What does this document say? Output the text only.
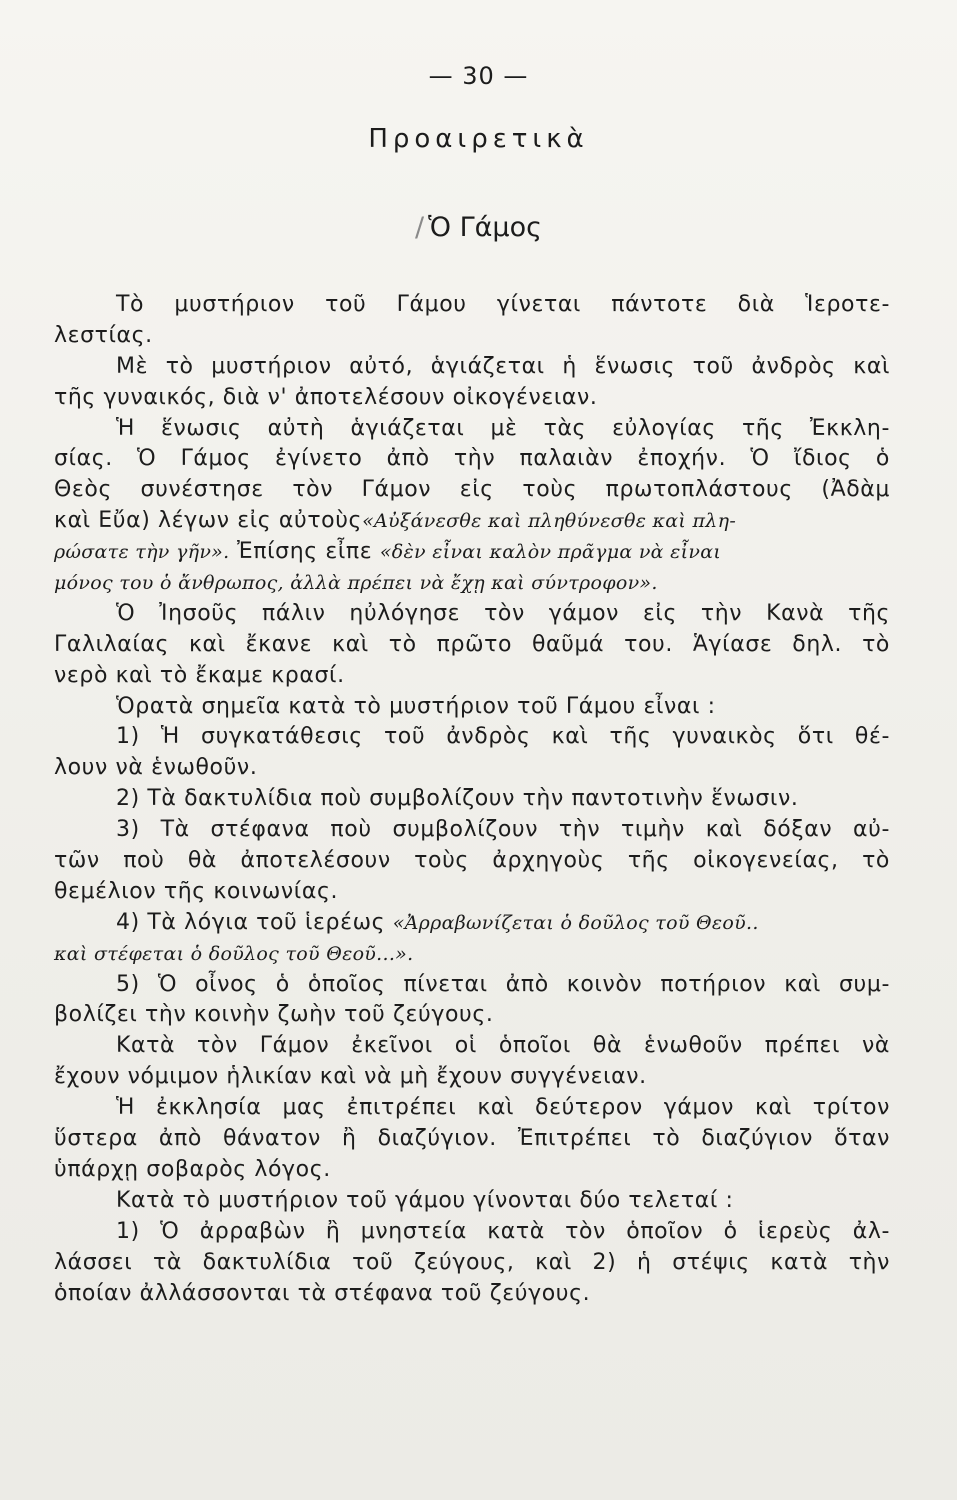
— 30 —
Προαιρετικὰ
/ Ὁ Γάμος
Τὸ μυστήριον τοῦ Γάμου γίνεται πάντοτε διὰ Ἱεροτε-
λεστίας.
Μὲ τὸ μυστήριον αὐτό, ἁγιάζεται ἡ ἕνωσις τοῦ ἀνδρὸς καὶ
τῆς γυναικός, διὰ ν' ἀποτελέσουν οἰκογένειαν.
Ἡ ἕνωσις αὐτὴ ἁγιάζεται μὲ τὰς εὐλογίας τῆς Ἐκκλη-
σίας. Ὁ Γάμος ἐγίνετο ἀπὸ τὴν παλαιὰν ἐποχήν. Ὁ ἴδιος ὁ
Θεὸς συνέστησε τὸν Γάμον εἰς τοὺς πρωτοπλάστους (Ἀδὰμ
καὶ Εὔα) λέγων εἰς αὐτοὺς«Αὐξάνεσθε καὶ πληθύνεσθε καὶ πλη-
ρώσατε τὴν γῆν». Ἐπίσης εἶπε «δὲν εἶναι καλὸν πρᾶγμα νὰ εἶναι
μόνος του ὁ ἄνθρωπος, ἀλλὰ πρέπει νὰ ἔχῃ καὶ σύντροφον».
Ὁ Ἰησοῦς πάλιν ηὐλόγησε τὸν γάμον εἰς τὴν Κανὰ τῆς
Γαλιλαίας καὶ ἔκανε καὶ τὸ πρῶτο θαῦμά του. Ἁγίασε δηλ. τὸ
νερὸ καὶ τὸ ἔκαμε κρασί.
Ὁρατὰ σημεῖα κατὰ τὸ μυστήριον τοῦ Γάμου εἶναι :
1) Ἡ συγκατάθεσις τοῦ ἀνδρὸς καὶ τῆς γυναικὸς ὅτι θέ-
λουν νὰ ἑνωθοῦν.
2) Τὰ δακτυλίδια ποὺ συμβολίζουν τὴν παντοτινὴν ἕνωσιν.
3) Τὰ στέφανα ποὺ συμβολίζουν τὴν τιμὴν καὶ δόξαν αὐ-
τῶν ποὺ θὰ ἀποτελέσουν τοὺς ἀρχηγοὺς τῆς οἰκογενείας, τὸ
θεμέλιον τῆς κοινωνίας.
4) Τὰ λόγια τοῦ ἱερέως «Ἀρραβωνίζεται ὁ δοῦλος τοῦ Θεοῦ..
καὶ στέφεται ὁ δοῦλος τοῦ Θεοῦ...».
5) Ὁ οἶνος ὁ ὁποῖος πίνεται ἀπὸ κοινὸν ποτήριον καὶ συμ-
βολίζει τὴν κοινὴν ζωὴν τοῦ ζεύγους.
Κατὰ τὸν Γάμον ἐκεῖνοι οἱ ὁποῖοι θὰ ἑνωθοῦν πρέπει νὰ
ἔχουν νόμιμον ἡλικίαν καὶ νὰ μὴ ἔχουν συγγένειαν.
Ἡ ἐκκλησία μας ἐπιτρέπει καὶ δεύτερον γάμον καὶ τρίτον
ὕστερα ἀπὸ θάνατον ἢ διαζύγιον. Ἐπιτρέπει τὸ διαζύγιον ὅταν
ὑπάρχῃ σοβαρὸς λόγος.
Κατὰ τὸ μυστήριον τοῦ γάμου γίνονται δύο τελεταί :
1) Ὁ ἀρραβὼν ἢ μνηστεία κατὰ τὸν ὁποῖον ὁ ἱερεὺς ἀλ-
λάσσει τὰ δακτυλίδια τοῦ ζεύγους, καὶ 2) ἡ στέψις κατὰ τὴν
ὁποίαν ἀλλάσσονται τὰ στέφανα τοῦ ζεύγους.
